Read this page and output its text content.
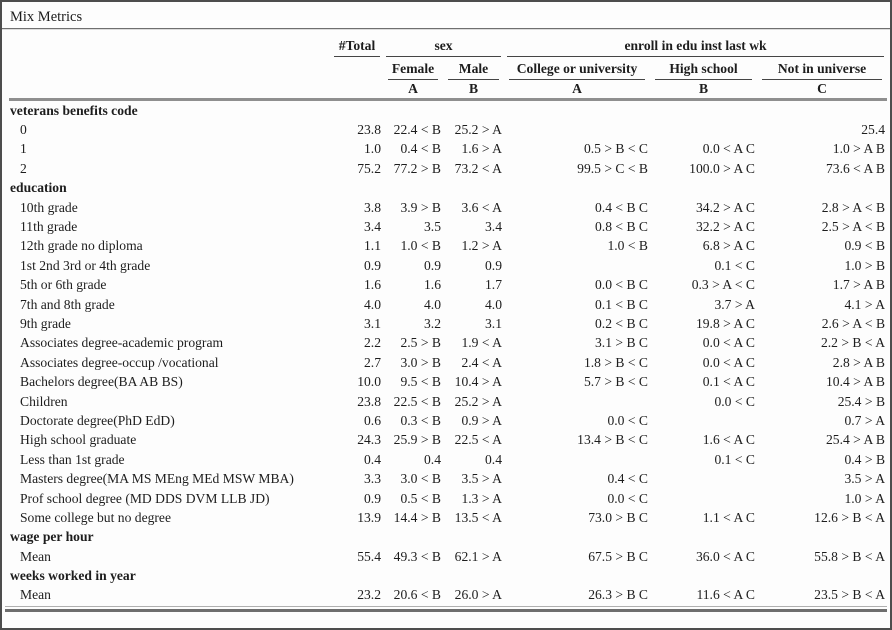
Mix Metrics

	#Total	sex		enroll in edu inst last wk		

		Female	Male	College or university	High school	Not in universe

		A	B	A	B	C

veterans benefits code						
0	23.8	22.4 < B	25.2 > A			25.4
1	1.0	0.4 < B	1.6 > A	0.5 > B < C	0.0 < A C	1.0 > A B
2	75.2	77.2 > B	73.2 < A	99.5 > C < B	100.0 > A C	73.6 < A B
education						
10th grade	3.8	3.9 > B	3.6 < A	0.4 < B C	34.2 > A C	2.8 > A < B
11th grade	3.4	3.5	3.4	0.8 < B C	32.2 > A C	2.5 > A < B
12th grade no diploma	1.1	1.0 < B	1.2 > A	1.0 < B	6.8 > A C	0.9 < B
1st 2nd 3rd or 4th grade	0.9	0.9	0.9		0.1 < C	1.0 > B
5th or 6th grade	1.6	1.6	1.7	0.0 < B C	0.3 > A < C	1.7 > A B
7th and 8th grade	4.0	4.0	4.0	0.1 < B C	3.7 > A	4.1 > A
9th grade	3.1	3.2	3.1	0.2 < B C	19.8 > A C	2.6 > A < B
Associates degree-academic program	2.2	2.5 > B	1.9 < A	3.1 > B C	0.0 < A C	2.2 > B < A
Associates degree-occup /vocational	2.7	3.0 > B	2.4 < A	1.8 > B < C	0.0 < A C	2.8 > A B
Bachelors degree(BA AB BS)	10.0	9.5 < B	10.4 > A	5.7 > B < C	0.1 < A C	10.4 > A B
Children	23.8	22.5 < B	25.2 > A		0.0 < C	25.4 > B
Doctorate degree(PhD EdD)	0.6	0.3 < B	0.9 > A	0.0 < C		0.7 > A
High school graduate	24.3	25.9 > B	22.5 < A	13.4 > B < C	1.6 < A C	25.4 > A B
Less than 1st grade	0.4	0.4	0.4		0.1 < C	0.4 > B
Masters degree(MA MS MEng MEd MSW MBA)	3.3	3.0 < B	3.5 > A	0.4 < C		3.5 > A
Prof school degree (MD DDS DVM LLB JD)	0.9	0.5 < B	1.3 > A	0.0 < C		1.0 > A
Some college but no degree	13.9	14.4 > B	13.5 < A	73.0 > B C	1.1 < A C	12.6 > B < A
wage per hour						
Mean	55.4	49.3 < B	62.1 > A	67.5 > B C	36.0 < A C	55.8 > B < A
weeks worked in year						
Mean	23.2	20.6 < B	26.0 > A	26.3 > B C	11.6 < A C	23.5 > B < A
